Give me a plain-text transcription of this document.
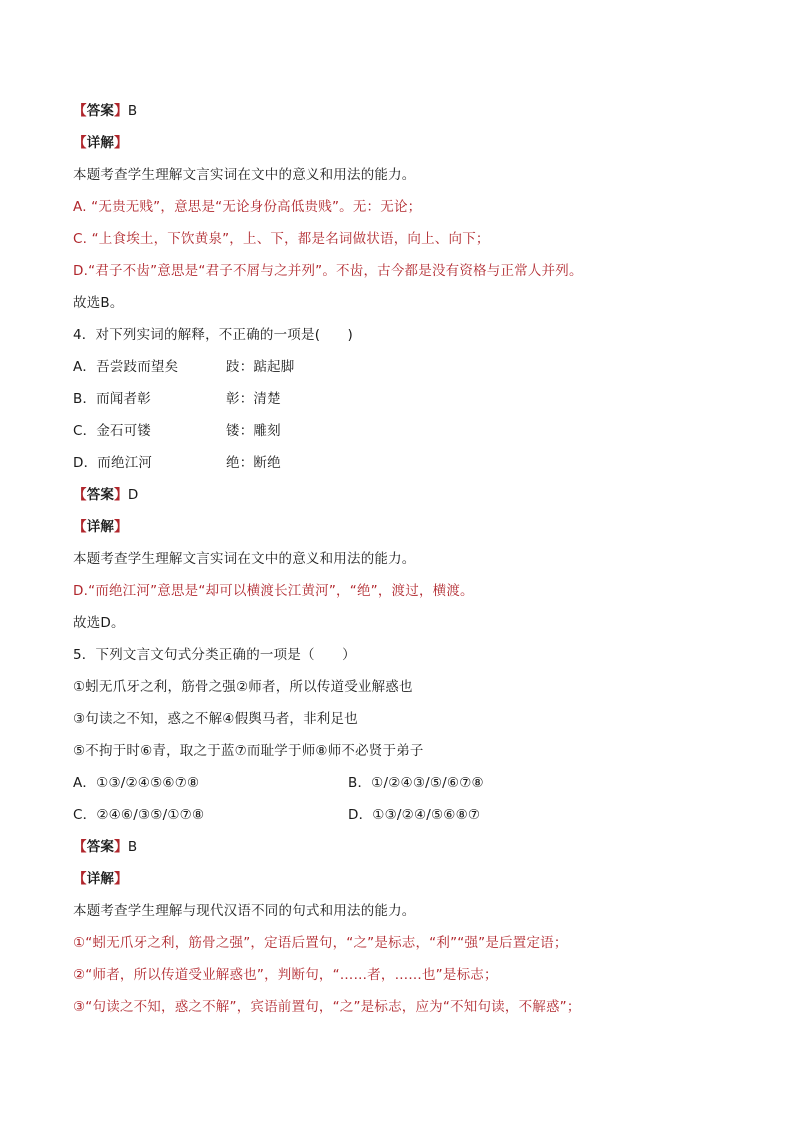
【答案】B
【详解】
本题考查学生理解文言实词在文中的意义和用法的能力。
A. “无贵无贱”，意思是“无论身份高低贵贱”。无：无论；
C. “上食埃土，下饮黄泉”，上、下，都是名词做状语，向上、向下；
D.“君子不齿”意思是“君子不屑与之并列”。不齿，古今都是没有资格与正常人并列。
故选B。
4．对下列实词的解释，不正确的一项是(　　)
A．吾尝跂而望矣	跂：踮起脚
B．而闻者彰	彰：清楚
C．金石可镂	镂：雕刻
D．而绝江河	绝：断绝
【答案】D
【详解】
本题考查学生理解文言实词在文中的意义和用法的能力。
D.“而绝江河”意思是“却可以横渡长江黄河”，“绝”，渡过，横渡。
故选D。
5．下列文言文句式分类正确的一项是（　　）
①蚓无爪牙之利，筋骨之强②师者，所以传道受业解惑也
③句读之不知，惑之不解④假舆马者，非利足也
⑤不拘于时⑥青，取之于蓝⑦而耻学于师⑧师不必贤于弟子
A．①③/②④⑤⑥⑦⑧	B．①/②④③/⑤/⑥⑦⑧
C．②④⑥/③⑤/①⑦⑧	D．①③/②④/⑤⑥⑧⑦
【答案】B
【详解】
本题考查学生理解与现代汉语不同的句式和用法的能力。
①“蚓无爪牙之利，筋骨之强”，定语后置句，“之”是标志，“利”“强”是后置定语；
②“师者，所以传道受业解惑也”，判断句，“……者，……也”是标志；
③“句读之不知，惑之不解”，宾语前置句，“之”是标志，应为“不知句读，不解惑”；
